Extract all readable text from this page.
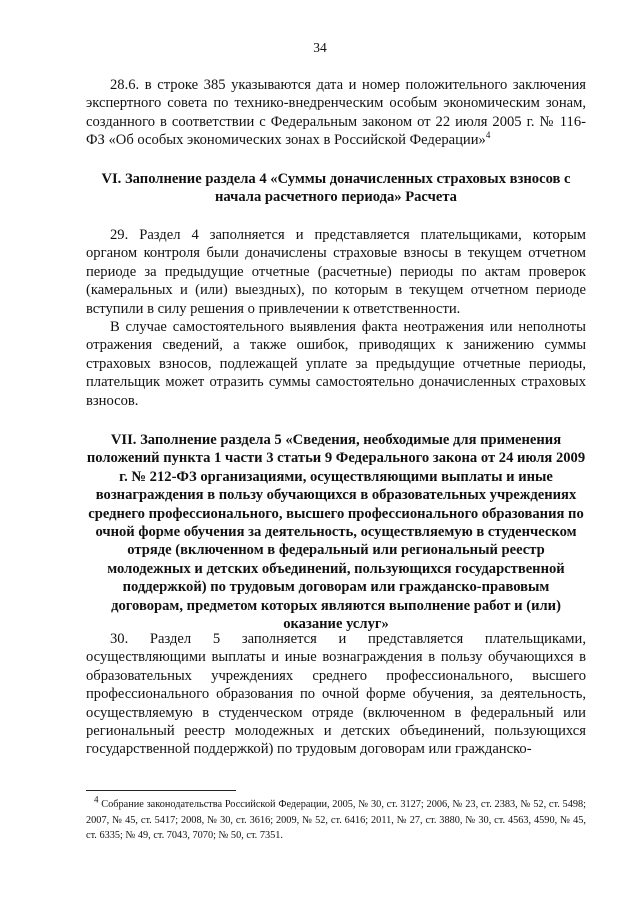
34
28.6. в строке 385 указываются дата и номер положительного заключения экспертного совета по технико-внедренческим особым экономическим зонам, созданного в соответствии с Федеральным законом от 22 июля 2005 г. № 116-ФЗ «Об особых экономических зонах в Российской Федерации»$^4$
VI. Заполнение раздела 4 «Суммы доначисленных страховых взносов с начала расчетного периода» Расчета
29. Раздел 4 заполняется и представляется плательщиками, которым органом контроля были доначислены страховые взносы в текущем отчетном периоде за предыдущие отчетные (расчетные) периоды по актам проверок (камеральных и (или) выездных), по которым в текущем отчетном периоде вступили в силу решения о привлечении к ответственности.
В случае самостоятельного выявления факта неотражения или неполноты отражения сведений, а также ошибок, приводящих к занижению суммы страховых взносов, подлежащей уплате за предыдущие отчетные периоды, плательщик может отразить суммы самостоятельно доначисленных страховых взносов.
VII. Заполнение раздела 5 «Сведения, необходимые для применения положений пункта 1 части 3 статьи 9 Федерального закона от 24 июля 2009 г. № 212-ФЗ организациями, осуществляющими выплаты и иные вознаграждения в пользу обучающихся в образовательных учреждениях среднего профессионального, высшего профессионального образования по очной форме обучения за деятельность, осуществляемую в студенческом отряде (включенном в федеральный или региональный реестр молодежных и детских объединений, пользующихся государственной поддержкой) по трудовым договорам или гражданско-правовым договорам, предметом которых являются выполнение работ и (или) оказание услуг»
30. Раздел 5 заполняется и представляется плательщиками, осуществляющими выплаты и иные вознаграждения в пользу обучающихся в образовательных учреждениях среднего профессионального, высшего профессионального образования по очной форме обучения, за деятельность, осуществляемую в студенческом отряде (включенном в федеральный или региональный реестр молодежных и детских объединений, пользующихся государственной поддержкой) по трудовым договорам или гражданско-
$^4$ Собрание законодательства Российской Федерации, 2005, № 30, ст. 3127; 2006, № 23, ст. 2383, № 52, ст. 5498; 2007, № 45, ст. 5417; 2008, № 30, ст. 3616; 2009, № 52, ст. 6416; 2011, № 27, ст. 3880, № 30, ст. 4563, 4590, № 45, ст. 6335; № 49, ст. 7043, 7070; № 50, ст. 7351.
